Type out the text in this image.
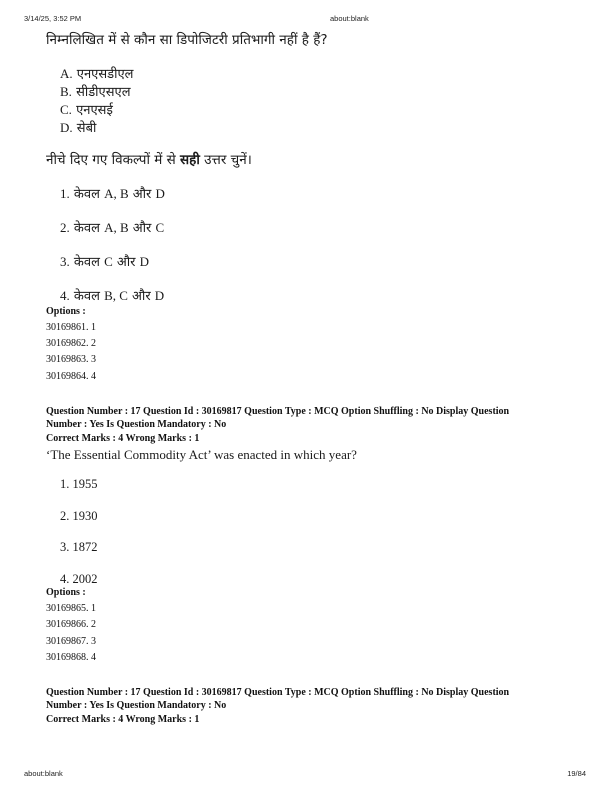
3/14/25, 3:52 PM	about:blank
निम्नलिखित में से कौन सा डिपोजिटरी प्रतिभागी नहीं है हैं?
A. एनएसडीएल
B. सीडीएसएल
C. एनएसई
D. सेबी
नीचे दिए गए विकल्पों में से सही उत्तर चुनें।
1. केवल A, B और D
2. केवल A, B और C
3. केवल C और D
4. केवल B, C और D
Options :
30169861. 1
30169862. 2
30169863. 3
30169864. 4
Question Number : 17 Question Id : 30169817 Question Type : MCQ Option Shuffling : No Display Question
Number : Yes Is Question Mandatory : No
Correct Marks : 4 Wrong Marks : 1
‘The Essential Commodity Act’ was enacted in which year?
1. 1955
2. 1930
3. 1872
4. 2002
Options :
30169865. 1
30169866. 2
30169867. 3
30169868. 4
Question Number : 17 Question Id : 30169817 Question Type : MCQ Option Shuffling : No Display Question
Number : Yes Is Question Mandatory : No
Correct Marks : 4 Wrong Marks : 1
about:blank	19/84
